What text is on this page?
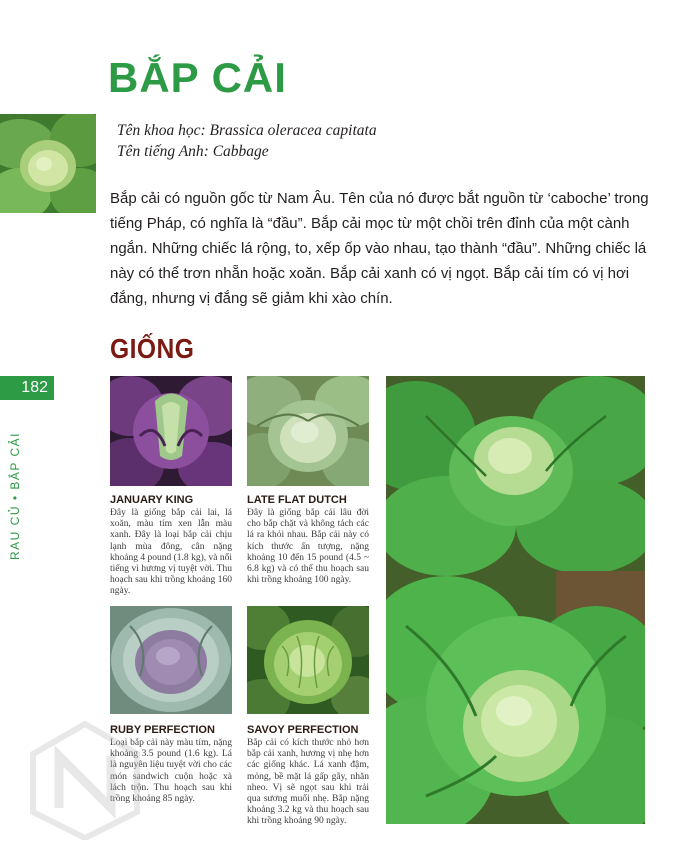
BẮP CẢI
Tên khoa học: Brassica oleracea capitata
Tên tiếng Anh: Cabbage

Bắp cải có nguồn gốc từ Nam Âu. Tên của nó được bắt nguồn từ ‘caboche’ trong tiếng Pháp, có nghĩa là “đầu”. Bắp cải mọc từ một chồi trên đỉnh của một cành ngắn. Những chiếc lá rộng, to, xếp ốp vào nhau, tạo thành “đầu”. Những chiếc lá này có thể trơn nhẵn hoặc xoăn. Bắp cải xanh có vị ngọt. Bắp cải tím có vị hơi đắng, nhưng vị đắng sẽ giảm khi xào chín.

GIỐNG
182
RAU CỦ • BẮP CẢI	JANUARY KING

Đây là giống bắp cải lai, lá xoăn, màu tím xen lẫn màu xanh. Đây là loại bắp cải chịu lạnh mùa đông, cân nặng khoảng 4 pound (1.8 kg), và nổi tiếng vì hương vị tuyệt vời. Thu hoạch sau khi trồng khoảng 160 ngày.

LATE FLAT DUTCH

Đây là giống bắp cải lâu đời cho bắp chặt và không tách các lá ra khỏi nhau. Bắp cải này có kích thước ấn tượng, nặng khoảng 10 đến 15 pound (4.5 ~ 6.8 kg) và có thể thu hoạch sau khi trồng khoảng 100 ngày.

RUBY PERFECTION

Loại bắp cải này màu tím, nặng khoảng 3.5 pound (1.6 kg). Lá là nguyên liệu tuyệt vời cho các món sandwich cuộn hoặc xà lách trộn. Thu hoạch sau khi trồng khoảng 85 ngày.

SAVOY PERFECTION

Bắp cải có kích thước nhỏ hơn bắp cải xanh, hương vị nhẹ hơn các giống khác. Lá xanh đậm, mỏng, bề mặt lá gấp gãy, nhăn nheo. Vị sẽ ngọt sau khi trải qua sương muối nhẹ. Bắp nặng khoảng 3.2 kg và thu hoạch sau khi trồng khoảng 90 ngày.
